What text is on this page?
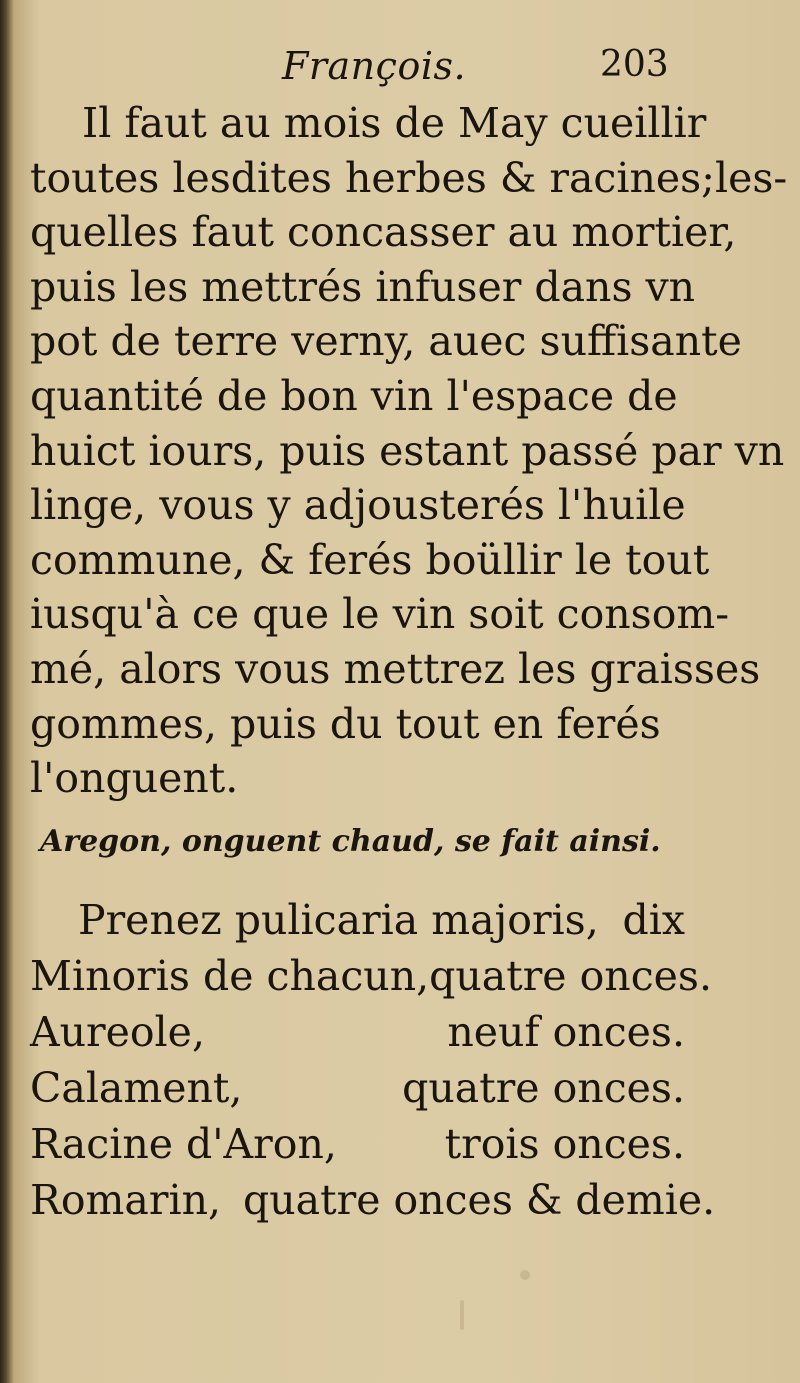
François.	203
Il faut au mois de May cueillir
toutes lesdites herbes & racines;les-
quelles faut concasser au mortier,
puis les mettrés infuser dans vn
pot de terre verny, auec suffisante
quantité de bon vin l'espace de
huict iours, puis estant passé par vn
linge, vous y adjousterés l'huile
commune, & ferés boüllir le tout
iusqu'à ce que le vin soit consom-
mé, alors vous mettrez les graisses
gommes, puis du tout en ferés
l'onguent.
Aregon, onguent chaud, se fait ainsi.
Prenez pulicaria majoris, dix
Minoris de chacun, quatre onces.
Aureole,	neuf onces.
Calament,	quatre onces.
Racine d'Aron,	trois onces.
Romarin, quatre onces & demie.
